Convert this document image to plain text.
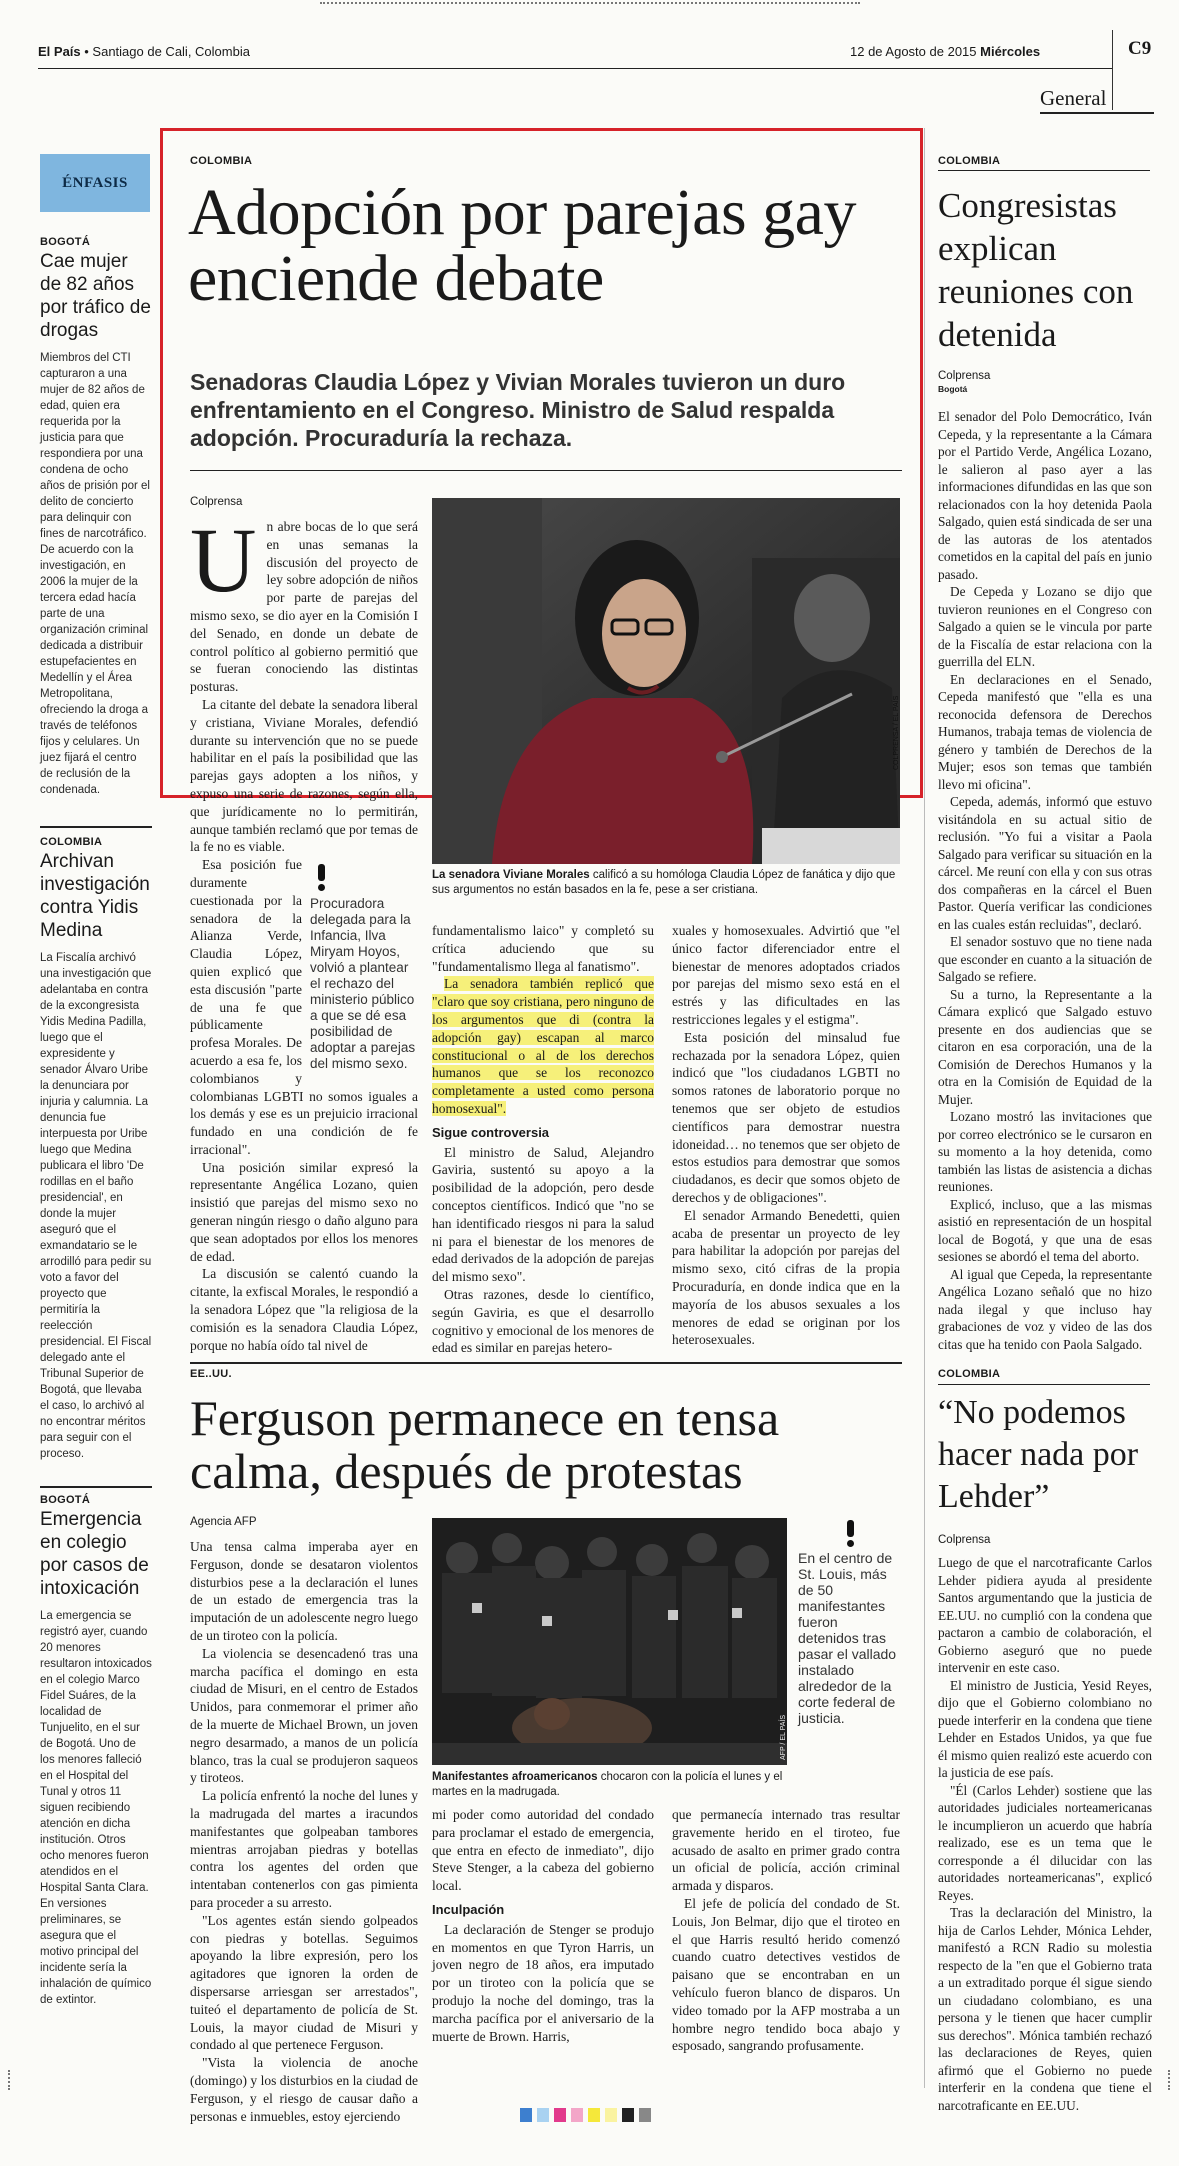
El País • Santiago de Cali, Colombia	12 de Agosto de 2015 Miércoles	C9
General
ÉNFASIS
BOGOTÁ
Cae mujer de 82 años por tráfico de drogas

Miembros del CTI capturaron a una mujer de 82 años de edad, quien era requerida por la justicia para que respondiera por una condena de ocho años de prisión por el delito de concierto para delinquir con fines de narcotráfico. De acuerdo con la investigación, en 2006 la mujer de la tercera edad hacía parte de una organización criminal dedicada a distribuir estupefacientes en Medellín y el Área Metropolitana, ofreciendo la droga a través de teléfonos fijos y celulares. Un juez fijará el centro de reclusión de la condenada.

COLOMBIA
Archivan investigación contra Yidis Medina

La Fiscalía archivó una investigación que adelantaba en contra de la excongresista Yidis Medina Padilla, luego que el expresidente y senador Álvaro Uribe la denunciara por injuria y calumnia. La denuncia fue interpuesta por Uribe luego que Medina publicara el libro 'De rodillas en el baño presidencial', en donde la mujer aseguró que el exmandatario se le arrodilló para pedir su voto a favor del proyecto que permitiría la reelección presidencial. El Fiscal delegado ante el Tribunal Superior de Bogotá, que llevaba el caso, lo archivó al no encontrar méritos para seguir con el proceso.

BOGOTÁ
Emergencia en colegio por casos de intoxicación

La emergencia se registró ayer, cuando 20 menores resultaron intoxicados en el colegio Marco Fidel Suáres, de la localidad de Tunjuelito, en el sur de Bogotá. Uno de los menores falleció en el Hospital del Tunal y otros 11 siguen recibiendo atención en dicha institución. Otros ocho menores fueron atendidos en el Hospital Santa Clara. En versiones preliminares, se asegura que el motivo principal del incidente sería la inhalación de químico de extintor.

COLOMBIA
Adopción por parejas gay enciende debate
Senadoras Claudia López y Vivian Morales tuvieron un duro enfrentamiento en el Congreso. Ministro de Salud respalda adopción. Procuraduría la rechaza.
Colprensa
U n abre bocas de lo que será en unas semanas la discusión del proyecto de ley sobre adopción de niños por parte de parejas del mismo sexo, se dio ayer en la Comisión I del Senado, en donde un debate de control político al gobierno permitió que se fueran conociendo las distintas posturas.

La citante del debate la senadora liberal y cristiana, Viviane Morales, defendió durante su intervención que no se puede habilitar en el país la posibilidad que las parejas gays adopten a los niños, y expuso una serie de razones, según ella, que jurídicamente no lo permitirán, aunque también reclamó que por temas de la fe no es viable.

Procuradora delegada para la Infancia, Ilva Miryam Hoyos, volvió a plantear el rechazo del ministerio público a que se dé esa posibilidad de adoptar a parejas del mismo sexo.

Esa posición fue duramente cuestionada por la senadora de la Alianza Verde, Claudia López, quien explicó que esta discusión "parte de una fe que públicamente profesa Morales. De acuerdo a esa fe, los colombianos y colombianas LGBTI no somos iguales a los demás y ese es un prejuicio irracional fundado en una condición de fe irracional".

Una posición similar expresó la representante Angélica Lozano, quien insistió que parejas del mismo sexo no generan ningún riesgo o daño alguno para que sean adoptados por ellos los menores de edad.

La discusión se calentó cuando la citante, la exfiscal Morales, le respondió a la senadora López que "la religiosa de la comisión es la senadora Claudia López, porque no había oído tal nivel de

COLPRENSA / EL PAÍS
La senadora Viviane Morales calificó a su homóloga Claudia López de fanática y dijo que sus argumentos no están basados en la fe, pese a ser cristiana.
fundamentalismo laico" y completó su crítica aduciendo que su "fundamentalismo llega al fanatismo".

La senadora también replicó que "claro que soy cristiana, pero ninguno de los argumentos que di (contra la adopción gay) escapan al marco constitucional o al de los derechos humanos que se los reconozco completamente a usted como persona homosexual".

Sigue controversia

El ministro de Salud, Alejandro Gaviria, sustentó su apoyo a la posibilidad de la adopción, pero desde conceptos científicos. Indicó que "no se han identificado riesgos ni para la salud ni para el bienestar de los menores de edad derivados de la adopción de parejas del mismo sexo".

Otras razones, desde lo científico, según Gaviria, es que el desarrollo cognitivo y emocional de los menores de edad es similar en parejas hetero-

xuales y homosexuales. Advirtió que "el único factor diferenciador entre el bienestar de menores adoptados criados por parejas del mismo sexo está en el estrés y las dificultades en las restricciones legales y el estigma".

Esta posición del minsalud fue rechazada por la senadora López, quien indicó que "los ciudadanos LGBTI no somos ratones de laboratorio porque no tenemos que ser objeto de estudios científicos para demostrar nuestra idoneidad… no tenemos que ser objeto de estos estudios para demostrar que somos ciudadanos, es decir que somos objeto de derechos y de obligaciones".

El senador Armando Benedetti, quien acaba de presentar un proyecto de ley para habilitar la adopción por parejas del mismo sexo, citó cifras de la propia Procuraduría, en donde indica que en la mayoría de los abusos sexuales a los menores de edad se originan por los heterosexuales.

COLOMBIA
Congresistas explican reuniones con detenida
Colprensa
Bogotá
El senador del Polo Democrático, Iván Cepeda, y la representante a la Cámara por el Partido Verde, Angélica Lozano, le salieron al paso ayer a las informaciones difundidas en las que son relacionados con la hoy detenida Paola Salgado, quien está sindicada de ser una de las autoras de los atentados cometidos en la capital del país en junio pasado.

De Cepeda y Lozano se dijo que tuvieron reuniones en el Congreso con Salgado a quien se le vincula por parte de la Fiscalía de estar relaciona con la guerrilla del ELN.

En declaraciones en el Senado, Cepeda manifestó que "ella es una reconocida defensora de Derechos Humanos, trabaja temas de violencia de género y también de Derechos de la Mujer; esos son temas que también llevo mi oficina".

Cepeda, además, informó que estuvo visitándola en su actual sitio de reclusión. "Yo fui a visitar a Paola Salgado para verificar su situación en la cárcel. Me reuní con ella y con sus otras dos compañeras en la cárcel el Buen Pastor. Quería verificar las condiciones en las cuales están recluidas", declaró.

El senador sostuvo que no tiene nada que esconder en cuanto a la situación de Salgado se refiere.

Su a turno, la Representante a la Cámara explicó que Salgado estuvo presente en dos audiencias que se citaron en esa corporación, una de la Comisión de Derechos Humanos y la otra en la Comisión de Equidad de la Mujer.

Lozano mostró las invitaciones que por correo electrónico se le cursaron en su momento a la hoy detenida, como también las listas de asistencia a dichas reuniones.

Explicó, incluso, que a las mismas asistió en representación de un hospital local de Bogotá, y que una de esas sesiones se abordó el tema del aborto.

Al igual que Cepeda, la representante Angélica Lozano señaló que no hizo nada ilegal y que incluso hay grabaciones de voz y video de las dos citas que ha tenido con Paola Salgado.

EE..UU.
Ferguson permanece en tensa calma, después de protestas
Agencia AFP
Una tensa calma imperaba ayer en Ferguson, donde se desataron violentos disturbios pese a la declaración el lunes de un estado de emergencia tras la imputación de un adolescente negro luego de un tiroteo con la policía.

La violencia se desencadenó tras una marcha pacífica el domingo en esta ciudad de Misuri, en el centro de Estados Unidos, para conmemorar el primer año de la muerte de Michael Brown, un joven negro desarmado, a manos de un policía blanco, tras la cual se produjeron saqueos y tiroteos.

La policía enfrentó la noche del lunes y la madrugada del martes a iracundos manifestantes que golpeaban tambores mientras arrojaban piedras y botellas contra los agentes del orden que intentaban contenerlos con gas pimienta para proceder a su arresto.

"Los agentes están siendo golpeados con piedras y botellas. Seguimos apoyando la libre expresión, pero los agitadores que ignoren la orden de dispersarse arriesgan ser arrestados", tuiteó el departamento de policía de St. Louis, la mayor ciudad de Misuri y condado al que pertenece Ferguson.

"Vista la violencia de anoche (domingo) y los disturbios en la ciudad de Ferguson, y el riesgo de causar daño a personas e inmuebles, estoy ejerciendo

AFP / EL PAÍS
Manifestantes afroamericanos chocaron con la policía el lunes y el martes en la madrugada.
En el centro de St. Louis, más de 50 manifestantes fueron detenidos tras pasar el vallado instalado alrededor de la corte federal de justicia.
mi poder como autoridad del condado para proclamar el estado de emergencia, que entra en efecto de inmediato", dijo Steve Stenger, a la cabeza del gobierno local.
Inculpación

La declaración de Stenger se produjo en momentos en que Tyron Harris, un joven negro de 18 años, era imputado por un tiroteo con la policía que se produjo la noche del domingo, tras la marcha pacífica por el aniversario de la muerte de Brown. Harris,

que permanecía internado tras resultar gravemente herido en el tiroteo, fue acusado de asalto en primer grado contra un oficial de policía, acción criminal armada y disparos.

El jefe de policía del condado de St. Louis, Jon Belmar, dijo que el tiroteo en el que Harris resultó herido comenzó cuando cuatro detectives vestidos de paisano que se encontraban en un vehículo fueron blanco de disparos. Un video tomado por la AFP mostraba a un hombre negro tendido boca abajo y esposado, sangrando profusamente.

COLOMBIA
“No podemos hacer nada por Lehder”
Colprensa
Luego de que el narcotraficante Carlos Lehder pidiera ayuda al presidente Santos argumentando que la justicia de EE.UU. no cumplió con la condena que pactaron a cambio de colaboración, el Gobierno aseguró que no puede intervenir en este caso.

El ministro de Justicia, Yesid Reyes, dijo que el Gobierno colombiano no puede interferir en la condena que tiene Lehder en Estados Unidos, ya que fue él mismo quien realizó este acuerdo con la justicia de ese país.

"Él (Carlos Lehder) sostiene que las autoridades judiciales norteamericanas le incumplieron un acuerdo que habría realizado, ese es un tema que le corresponde a él dilucidar con las autoridades norteamericanas", explicó Reyes.

Tras la declaración del Ministro, la hija de Carlos Lehder, Mónica Lehder, manifestó a RCN Radio su molestia respecto de la "en que el Gobierno trata a un extraditado porque él sigue siendo un ciudadano colombiano, es una persona y le tienen que hacer cumplir sus derechos". Mónica también rechazó las declaraciones de Reyes, quien afirmó que el Gobierno no puede interferir en la condena que tiene el narcotraficante en EE.UU.
